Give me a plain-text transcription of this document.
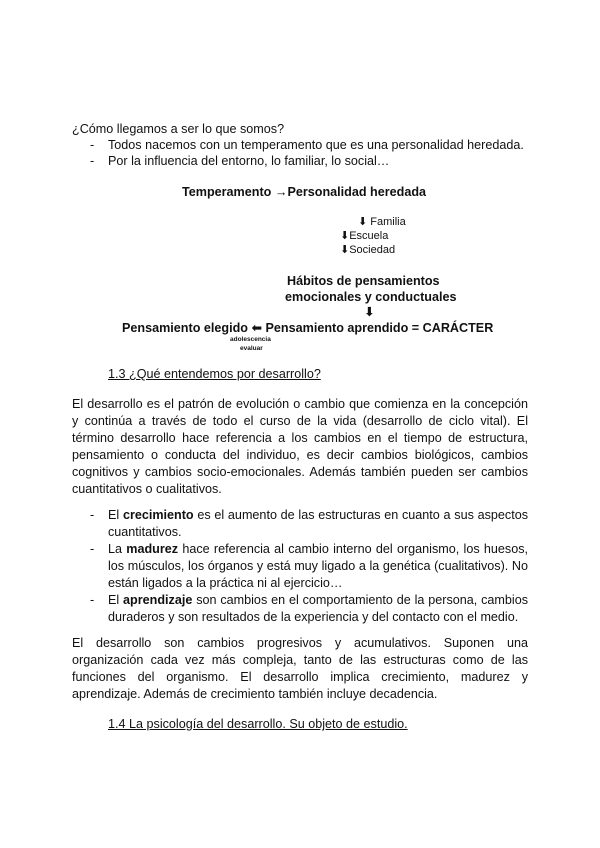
¿Cómo llegamos a ser lo que somos?
- Todos nacemos con un temperamento que es una personalidad heredada.
- Por la influencia del entorno, lo familiar, lo social…
Temperamento →Personalidad heredada
⬇ Familia
⬇Escuela
⬇Sociedad
Hábitos de pensamientos
emocionales y conductuales
⬇
Pensamiento elegido ⬅ Pensamiento aprendido = CARÁCTER
adolescencia
evaluar
1.3 ¿Qué entendemos por desarrollo?
El desarrollo es el patrón de evolución o cambio que comienza en la concepción y continúa a través de todo el curso de la vida (desarrollo de ciclo vital). El término desarrollo hace referencia a los cambios en el tiempo de estructura, pensamiento o conducta del individuo, es decir cambios biológicos, cambios cognitivos y cambios socio-emocionales. Además también pueden ser cambios cuantitativos o cualitativos.
- El crecimiento es el aumento de las estructuras en cuanto a sus aspectos cuantitativos.
- La madurez hace referencia al cambio interno del organismo, los huesos, los músculos, los órganos y está muy ligado a la genética (cualitativos). No están ligados a la práctica ni al ejercicio…
- El aprendizaje son cambios en el comportamiento de la persona, cambios duraderos y son resultados de la experiencia y del contacto con el medio.
El desarrollo son cambios progresivos y acumulativos. Suponen una organización cada vez más compleja, tanto de las estructuras como de las funciones del organismo. El desarrollo implica crecimiento, madurez y aprendizaje. Además de crecimiento también incluye decadencia.
1.4 La psicología del desarrollo. Su objeto de estudio.
